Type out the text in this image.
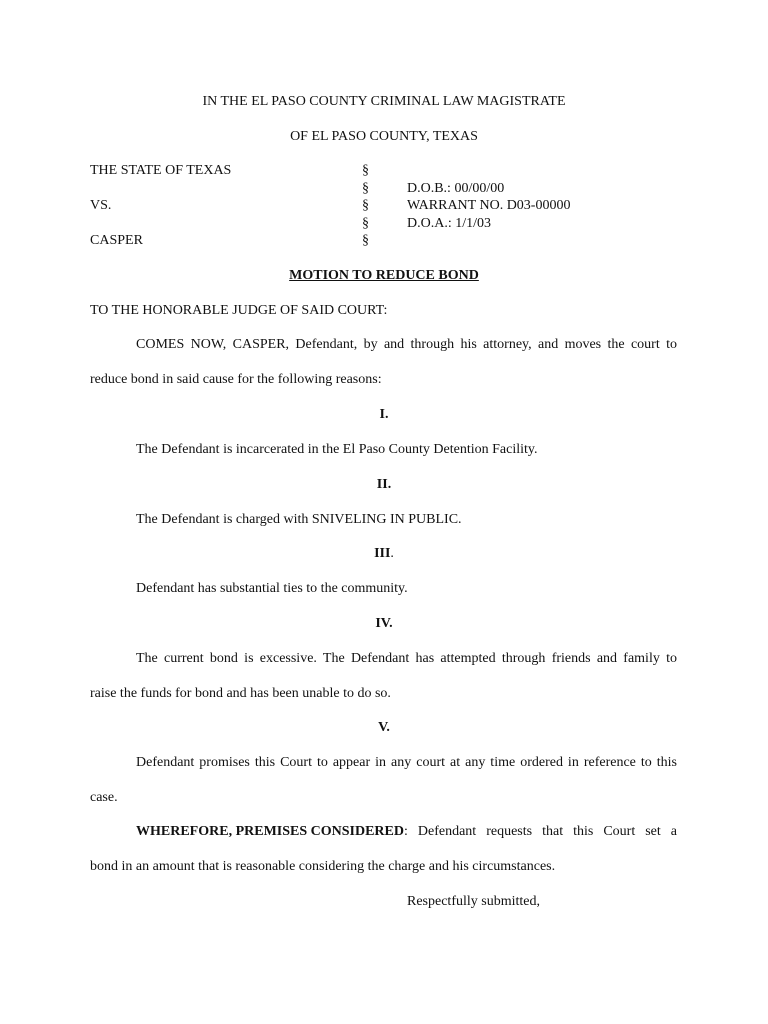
IN THE EL PASO COUNTY CRIMINAL LAW MAGISTRATE
OF EL PASO COUNTY, TEXAS
THE STATE OF TEXAS
VS.
CASPER
§
§
§
§
§
D.O.B.: 00/00/00
WARRANT NO. D03-00000
D.O.A.: 1/1/03
MOTION TO REDUCE BOND
TO THE HONORABLE JUDGE OF SAID COURT:
COMES NOW, CASPER, Defendant, by and through his attorney, and moves the court to
reduce bond in said cause for the following reasons:
I.
The Defendant is incarcerated in the El Paso County Detention Facility.
II.
The Defendant is charged with SNIVELING IN PUBLIC.
III.
Defendant has substantial ties to the community.
IV.
The current bond is excessive. The Defendant has attempted through friends and family to
raise the funds for bond and has been unable to do so.
V.
Defendant promises this Court to appear in any court at any time ordered in reference to this
case.
WHEREFORE, PREMISES CONSIDERED : Defendant requests that this Court set a
bond in an amount that is reasonable considering the charge and his circumstances.
Respectfully submitted,
